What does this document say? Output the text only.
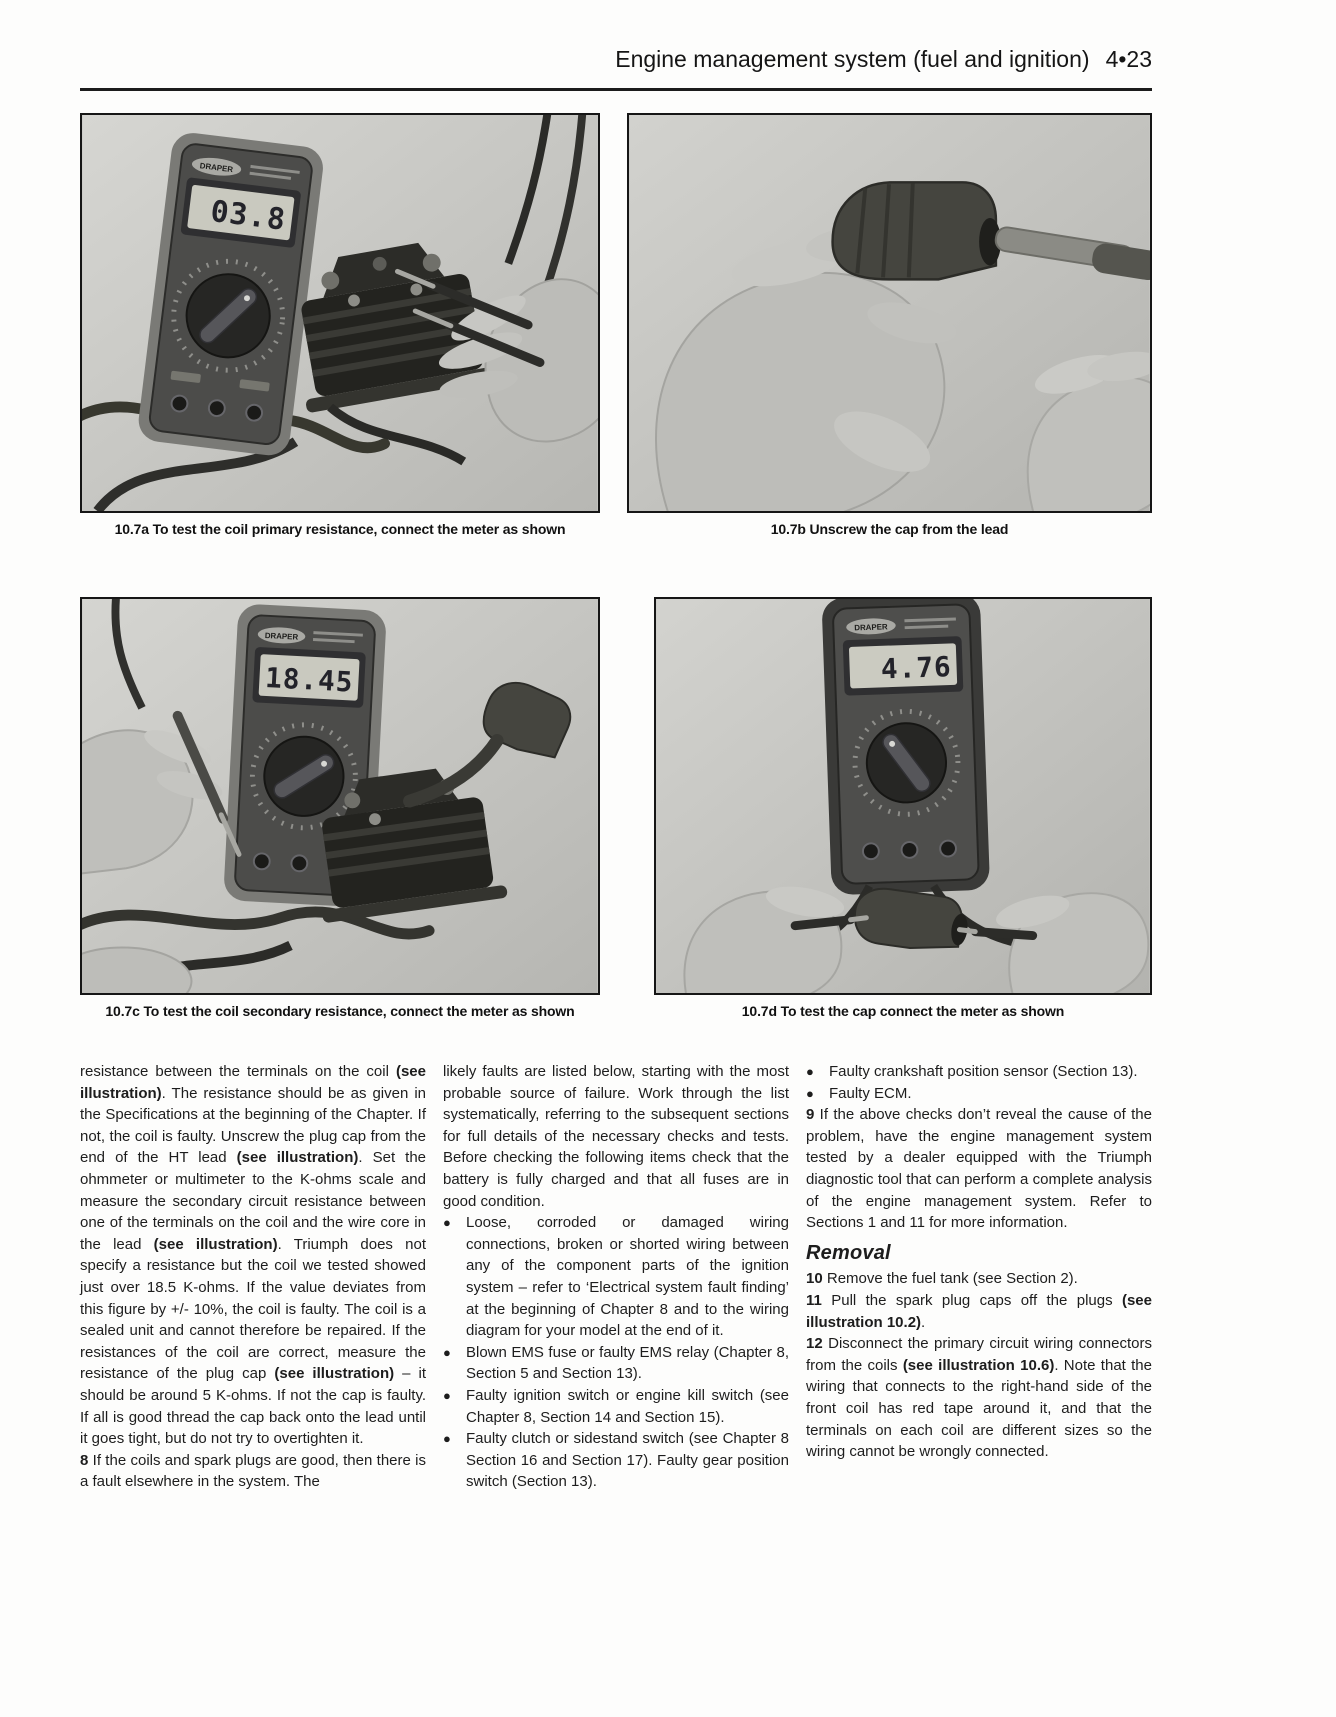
Engine management system (fuel and ignition) 4•23
DRAPER
03.8
10.7a To test the coil primary resistance, connect the meter as shown	10.7b Unscrew the cap from the lead
DRAPER
18.45
10.7c To test the coil secondary resistance, connect the meter as shown
DRAPER
4.76
10.7d To test the cap connect the meter as shown

resistance between the terminals on the coil (see illustration). The resistance should be as given in the Specifications at the beginning of the Chapter. If not, the coil is faulty. Unscrew the plug cap from the end of the HT lead (see illustration). Set the ohmmeter or multimeter to the K-ohms scale and measure the secondary circuit resistance between one of the terminals on the coil and the wire core in the lead (see illustration). Triumph does not specify a resistance but the coil we tested showed just over 18.5 K-ohms. If the value deviates from this figure by +/- 10%, the coil is faulty. The coil is a sealed unit and cannot therefore be repaired. If the resistances of the coil are correct, measure the resistance of the plug cap (see illustration) – it should be around 5 K-ohms. If not the cap is faulty. If all is good thread the cap back onto the lead until it goes tight, but do not try to overtighten it.

8 If the coils and spark plugs are good, then there is a fault elsewhere in the system. The

likely faults are listed below, starting with the most probable source of failure. Work through the list systematically, referring to the subsequent sections for full details of the necessary checks and tests. Before checking the following items check that the battery is fully charged and that all fuses are in good condition.

● Loose, corroded or damaged wiring connections, broken or shorted wiring between any of the component parts of the ignition system – refer to ‘Electrical system fault finding’ at the beginning of Chapter 8 and to the wiring diagram for your model at the end of it.

● Blown EMS fuse or faulty EMS relay (Chapter 8, Section 5 and Section 13).

● Faulty ignition switch or engine kill switch (see Chapter 8, Section 14 and Section 15).

● Faulty clutch or sidestand switch (see Chapter 8 Section 16 and Section 17). Faulty gear position switch (Section 13).

● Faulty crankshaft position sensor (Section 13).

● Faulty ECM.

9 If the above checks don’t reveal the cause of the problem, have the engine management system tested by a dealer equipped with the Triumph diagnostic tool that can perform a complete analysis of the engine management system. Refer to Sections 1 and 11 for more information.

Removal

10 Remove the fuel tank (see Section 2).

11 Pull the spark plug caps off the plugs (see illustration 10.2).

12 Disconnect the primary circuit wiring connectors from the coils (see illustration 10.6). Note that the wiring that connects to the right-hand side of the front coil has red tape around it, and that the terminals on each coil are different sizes so the wiring cannot be wrongly connected.
